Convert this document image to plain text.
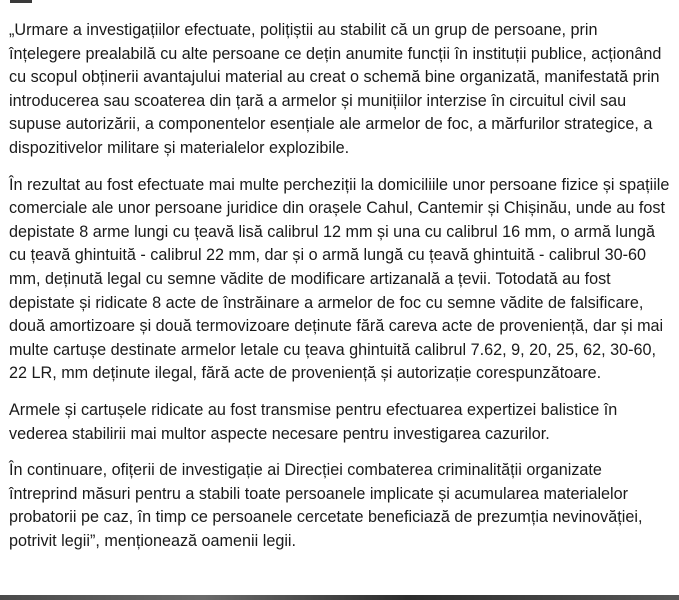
„Urmare a investigațiilor efectuate, polițiștii au stabilit că un grup de persoane, prin înțelegere prealabilă cu alte persoane ce dețin anumite funcții în instituții publice, acționând cu scopul obținerii avantajului material au creat o schemă bine organizată, manifestată prin introducerea sau scoaterea din țară a armelor și munițiilor interzise în circuitul civil sau supuse autorizării, a componentelor esențiale ale armelor de foc, a mărfurilor strategice, a dispozitivelor militare și materialelor explozibile.

În rezultat au fost efectuate mai multe percheziții la domiciliile unor persoane fizice și spațiile comerciale ale unor persoane juridice din orașele Cahul, Cantemir și Chișinău, unde au fost depistate 8 arme lungi cu țeavă lisă calibrul 12 mm și una cu calibrul 16 mm, o armă lungă cu țeavă ghintuită - calibrul 22 mm, dar și o armă lungă cu țeavă ghintuită - calibrul 30-60 mm, deținută legal cu semne vădite de modificare artizanală a țevii. Totodată au fost depistate și ridicate 8 acte de înstrăinare a armelor de foc cu semne vădite de falsificare, două amortizoare și două termovizoare deținute fără careva acte de proveniență, dar și mai multe cartușe destinate armelor letale cu țeava ghintuită calibrul 7.62, 9, 20, 25, 62, 30-60, 22 LR, mm deținute ilegal, fără acte de proveniență și autorizație corespunzătoare.

Armele și cartușele ridicate au fost transmise pentru efectuarea expertizei balistice în vederea stabilirii mai multor aspecte necesare pentru investigarea cazurilor.

În continuare, ofițerii de investigație ai Direcției combaterea criminalității organizate întreprind măsuri pentru a stabili toate persoanele implicate și acumularea materialelor probatorii pe caz, în timp ce persoanele cercetate beneficiază de prezumția nevinovăției, potrivit legii”, menționează oamenii legii.
